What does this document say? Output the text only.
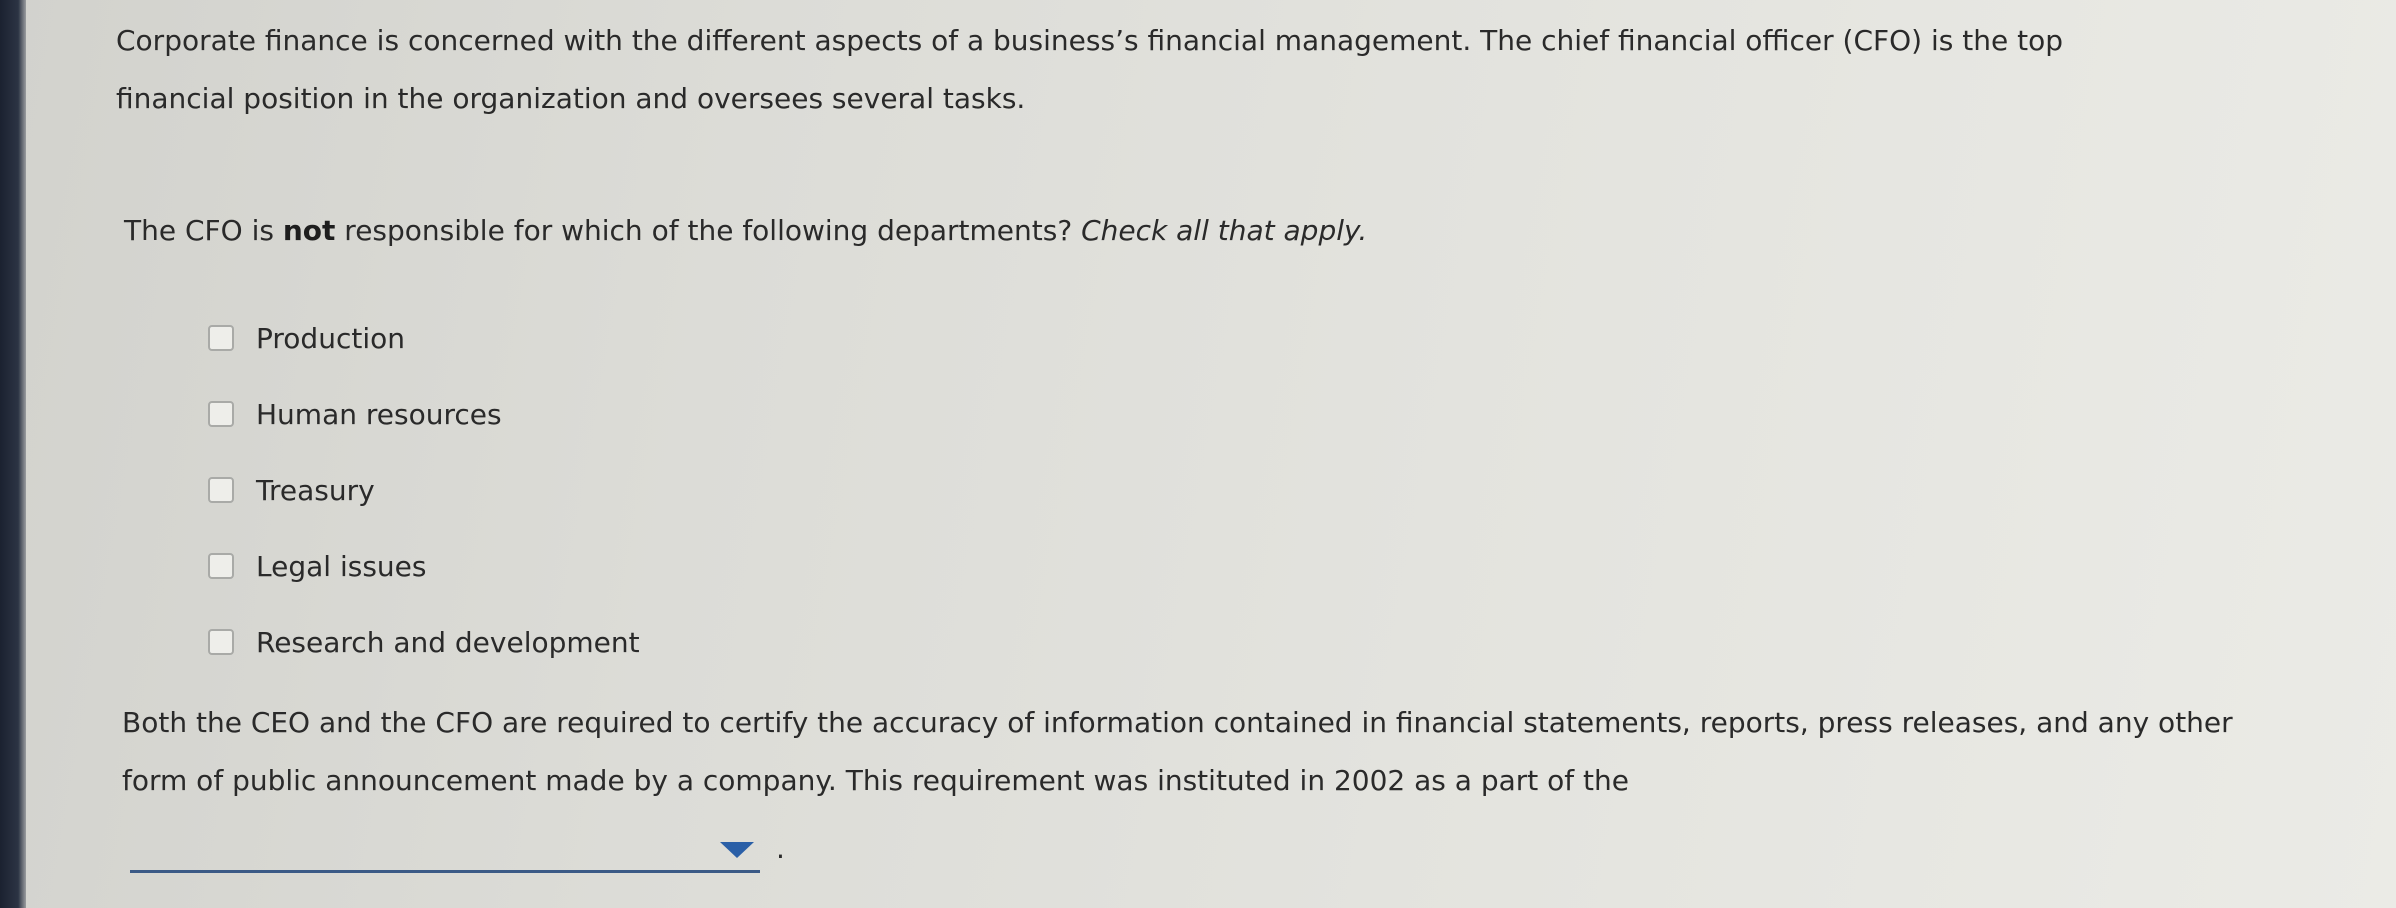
Corporate finance is concerned with the different aspects of a business’s financial management. The chief financial officer (CFO) is the top financial position in the organization and oversees several tasks.

The CFO is not responsible for which of the following departments? Check all that apply.

Production
Human resources
Treasury
Legal issues
Research and development

Both the CEO and the CFO are required to certify the accuracy of information contained in financial statements, reports, press releases, and any other form of public announcement made by a company. This requirement was instituted in 2002 as a part of the

.
